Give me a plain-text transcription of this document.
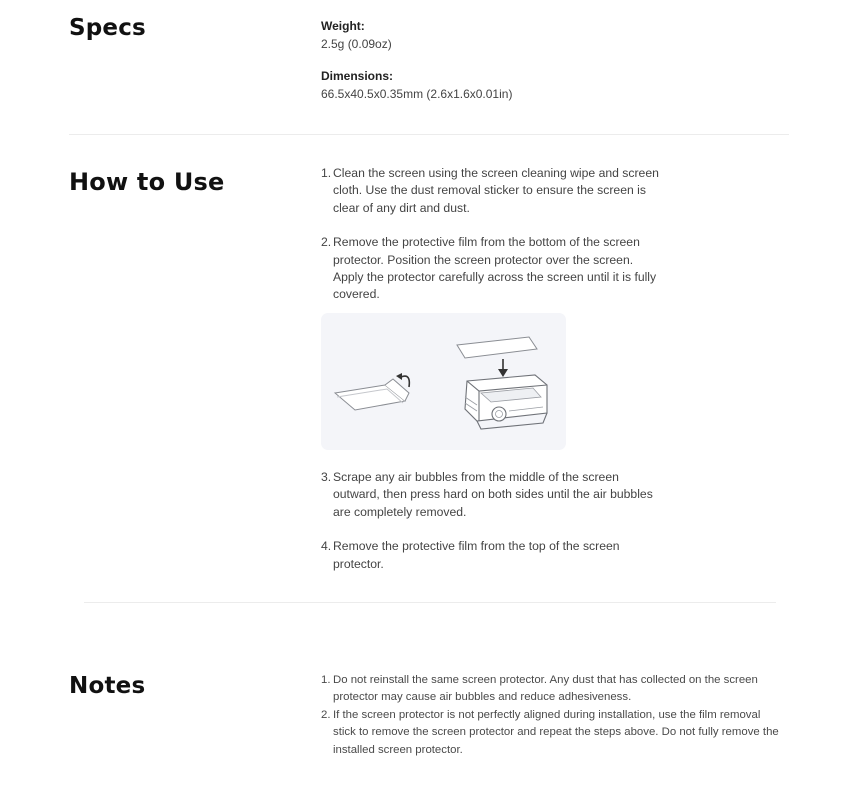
Specs	Weight:
2.5g (0.09oz)
Dimensions:
66.5x40.5x0.35mm (2.6x1.6x0.01in)
How to Use	1. Clean the screen using the screen cleaning wipe and screen cloth. Use the dust removal sticker to ensure the screen is clear of any dirt and dust.
2. Remove the protective film from the bottom of the screen protector. Position the screen protector over the screen. Apply the protector carefully across the screen until it is fully covered.
3. Scrape any air bubbles from the middle of the screen outward, then press hard on both sides until the air bubbles are completely removed.
4. Remove the protective film from the top of the screen protector.
Notes	1. Do not reinstall the same screen protector. Any dust that has collected on the screen protector may cause air bubbles and reduce adhesiveness.
2. If the screen protector is not perfectly aligned during installation, use the film removal stick to remove the screen protector and repeat the steps above. Do not fully remove the installed screen protector.
